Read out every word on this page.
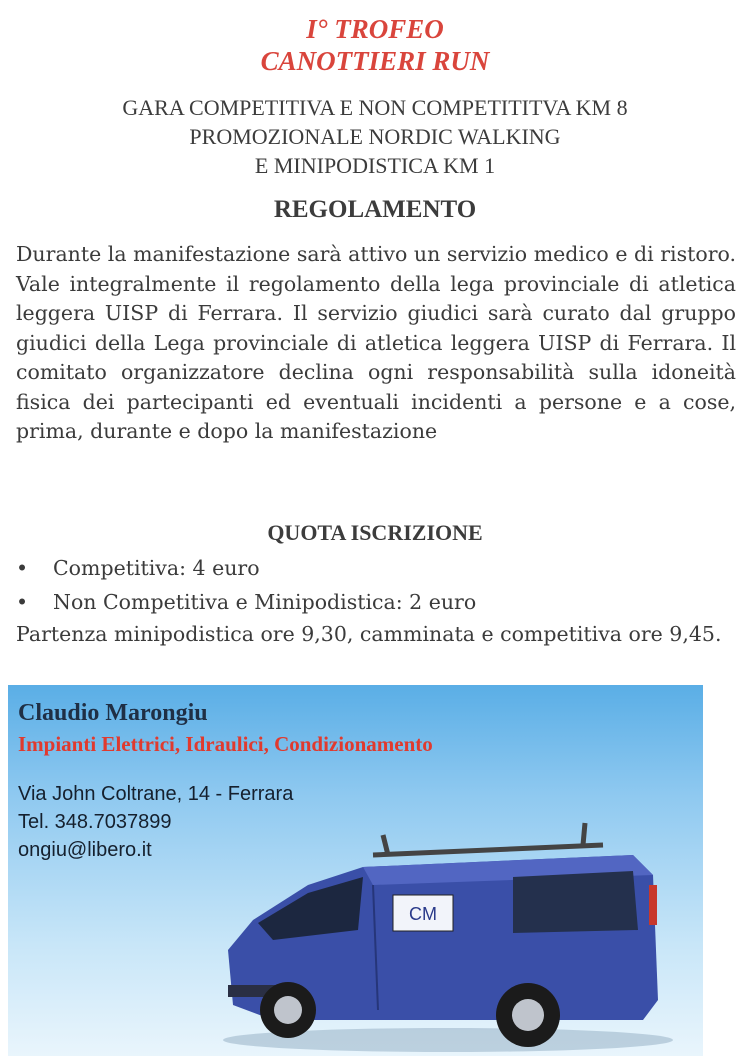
I° TROFEO
CANOTTIERI RUN
GARA COMPETITIVA E NON COMPETITITVA KM 8
PROMOZIONALE NORDIC WALKING
E MINIPODISTICA KM 1
REGOLAMENTO
Durante la manifestazione sarà attivo un servizio medico e di ristoro. Vale integralmente il regolamento della lega provinciale di atletica leggera UISP di Ferrara. Il servizio giudici sarà curato dal gruppo giudici della Lega provinciale di atletica leggera UISP di Ferrara. Il comitato organizzatore declina ogni responsabilità sulla idoneità fisica dei partecipanti ed eventuali incidenti a persone e a cose, prima, durante e dopo la manifestazione
QUOTA ISCRIZIONE
•	Competitiva: 4 euro
•	Non Competitiva e Minipodistica: 2 euro
Partenza minipodistica ore 9,30, camminata e competitiva ore 9,45.
Claudio Marongiu
Impianti Elettrici, Idraulici, Condizionamento
Via John Coltrane, 14 - Ferrara
Tel. 348.7037899
ongiu@libero.it
CM
